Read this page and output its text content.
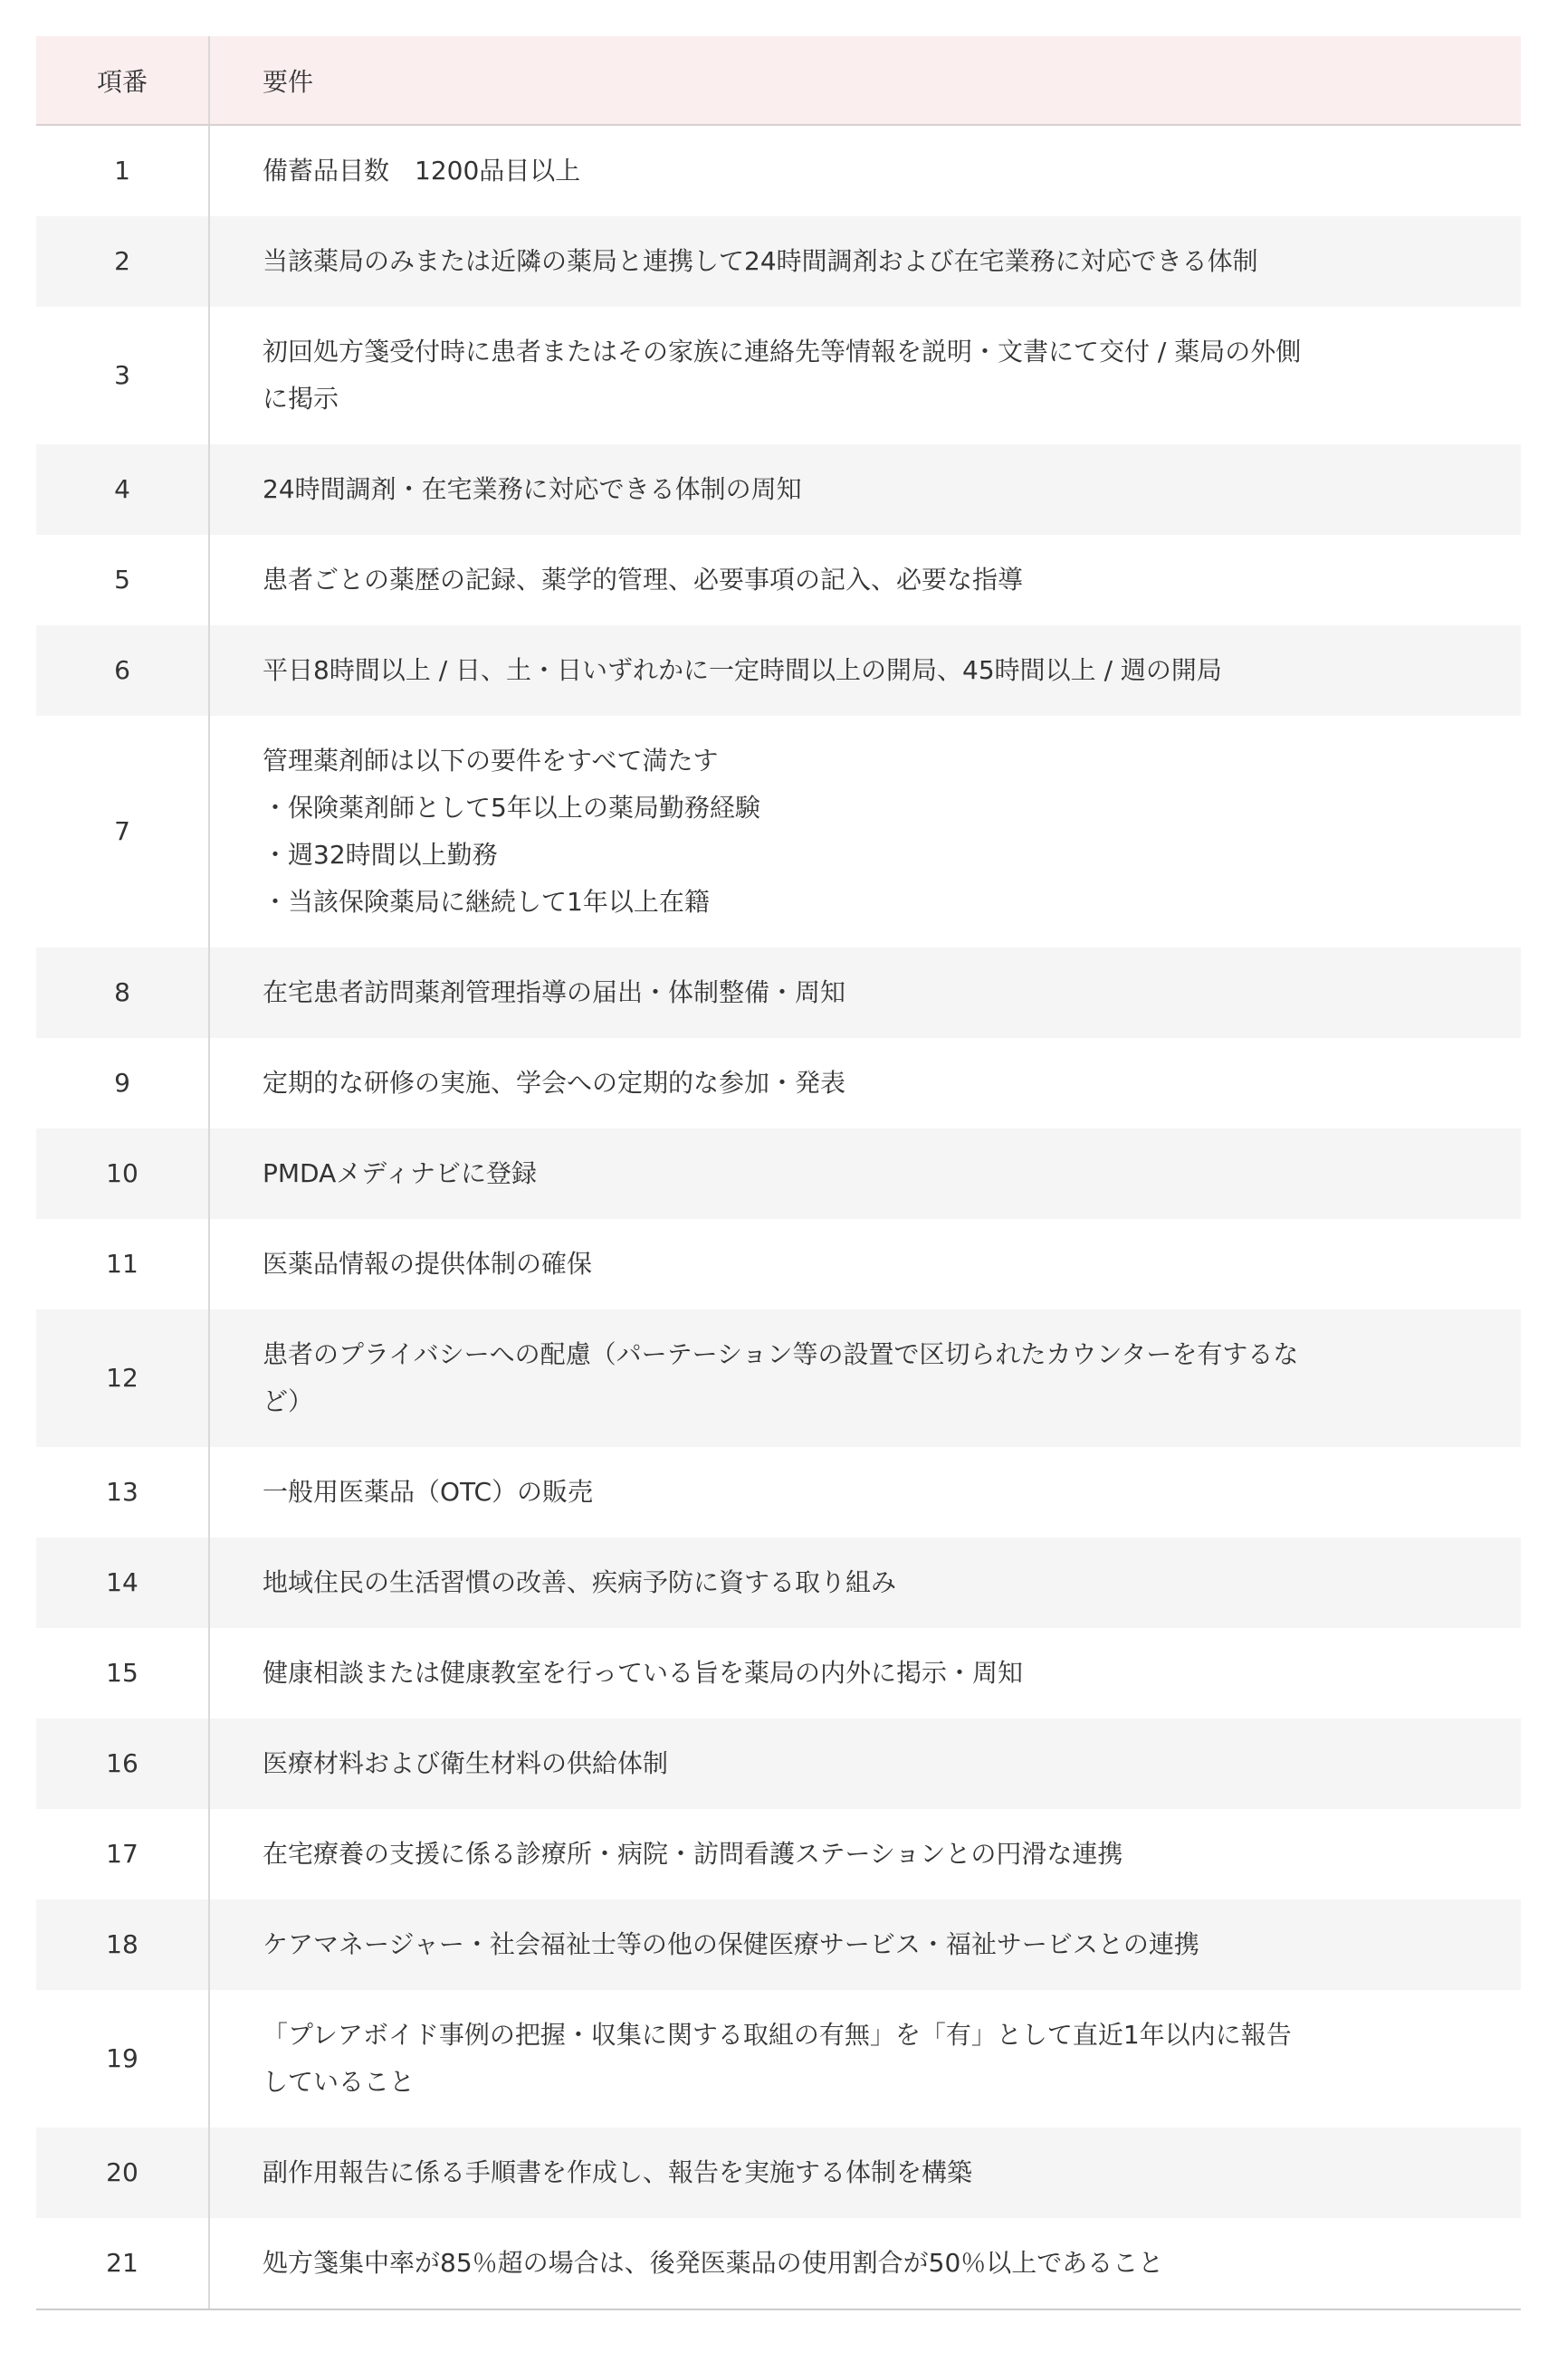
項番	要件
1	備蓄品目数　1200品目以上

2	当該薬局のみまたは近隣の薬局と連携して24時間調剤および在宅業務に対応できる体制

3	初回処方箋受付時に患者またはその家族に連絡先等情報を説明・文書にて交付 / 薬局の外側
に掲示

4	24時間調剤・在宅業務に対応できる体制の周知

5	患者ごとの薬歴の記録、薬学的管理、必要事項の記入、必要な指導

6	平日8時間以上 / 日、土・日いずれかに一定時間以上の開局、45時間以上 / 週の開局

7	管理薬剤師は以下の要件をすべて満たす
・保険薬剤師として5年以上の薬局勤務経験
・週32時間以上勤務
・当該保険薬局に継続して1年以上在籍

8	在宅患者訪問薬剤管理指導の届出・体制整備・周知

9	定期的な研修の実施、学会への定期的な参加・発表

10	PMDAメディナビに登録

11	医薬品情報の提供体制の確保

12	患者のプライバシーへの配慮（パーテーション等の設置で区切られたカウンターを有するな
ど）

13	一般用医薬品（OTC）の販売

14	地域住民の生活習慣の改善、疾病予防に資する取り組み

15	健康相談または健康教室を行っている旨を薬局の内外に掲示・周知

16	医療材料および衛生材料の供給体制

17	在宅療養の支援に係る診療所・病院・訪問看護ステーションとの円滑な連携

18	ケアマネージャー・社会福祉士等の他の保健医療サービス・福祉サービスとの連携

19	「プレアボイド事例の把握・収集に関する取組の有無」を「有」として直近1年以内に報告
していること

20	副作用報告に係る手順書を作成し、報告を実施する体制を構築

21	処方箋集中率が85％超の場合は、後発医薬品の使用割合が50％以上であること
